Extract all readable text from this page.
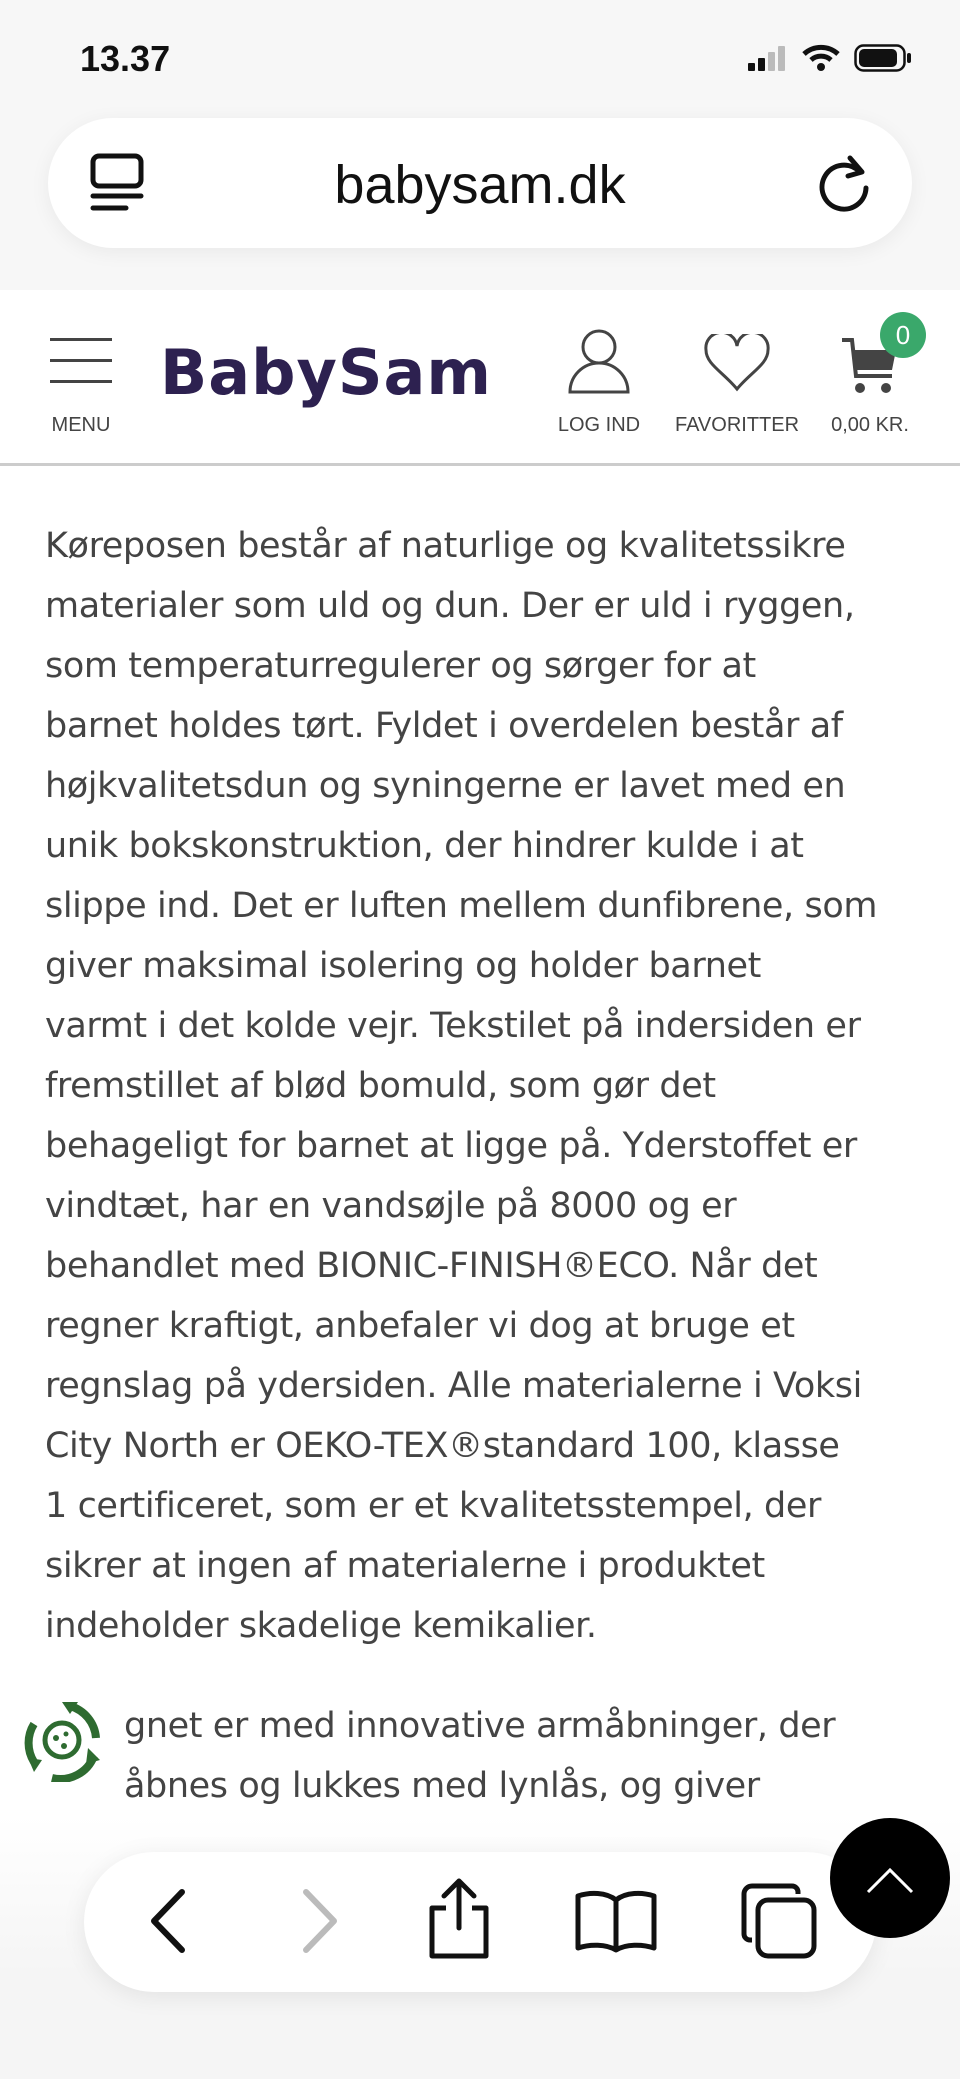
13.37
babysam.dk
MENU
BabySam
LOG IND FAVORITTER 0,00 KR.
0
Køreposen består af naturlige og kvalitetssikre
materialer som uld og dun. Der er uld i ryggen,
som temperaturregulerer og sørger for at
barnet holdes tørt. Fyldet i overdelen består af
højkvalitetsdun og syningerne er lavet med en
unik bokskonstruktion, der hindrer kulde i at
slippe ind. Det er luften mellem dunfibrene, som
giver maksimal isolering og holder barnet
varmt i det kolde vejr. Tekstilet på indersiden er
fremstillet af blød bomuld, som gør det
behageligt for barnet at ligge på. Yderstoffet er
vindtæt, har en vandsøjle på 8000 og er
behandlet med BIONIC-FINISH®ECO. Når det
regner kraftigt, anbefaler vi dog at bruge et
regnslag på ydersiden. Alle materialerne i Voksi
City North er OEKO-TEX®standard 100, klasse
1 certificeret, som er et kvalitetsstempel, der
sikrer at ingen af materialerne i produktet
indeholder skadelige kemikalier.
gnet er med innovative armåbninger, der
åbnes og lukkes med lynlås, og giver
